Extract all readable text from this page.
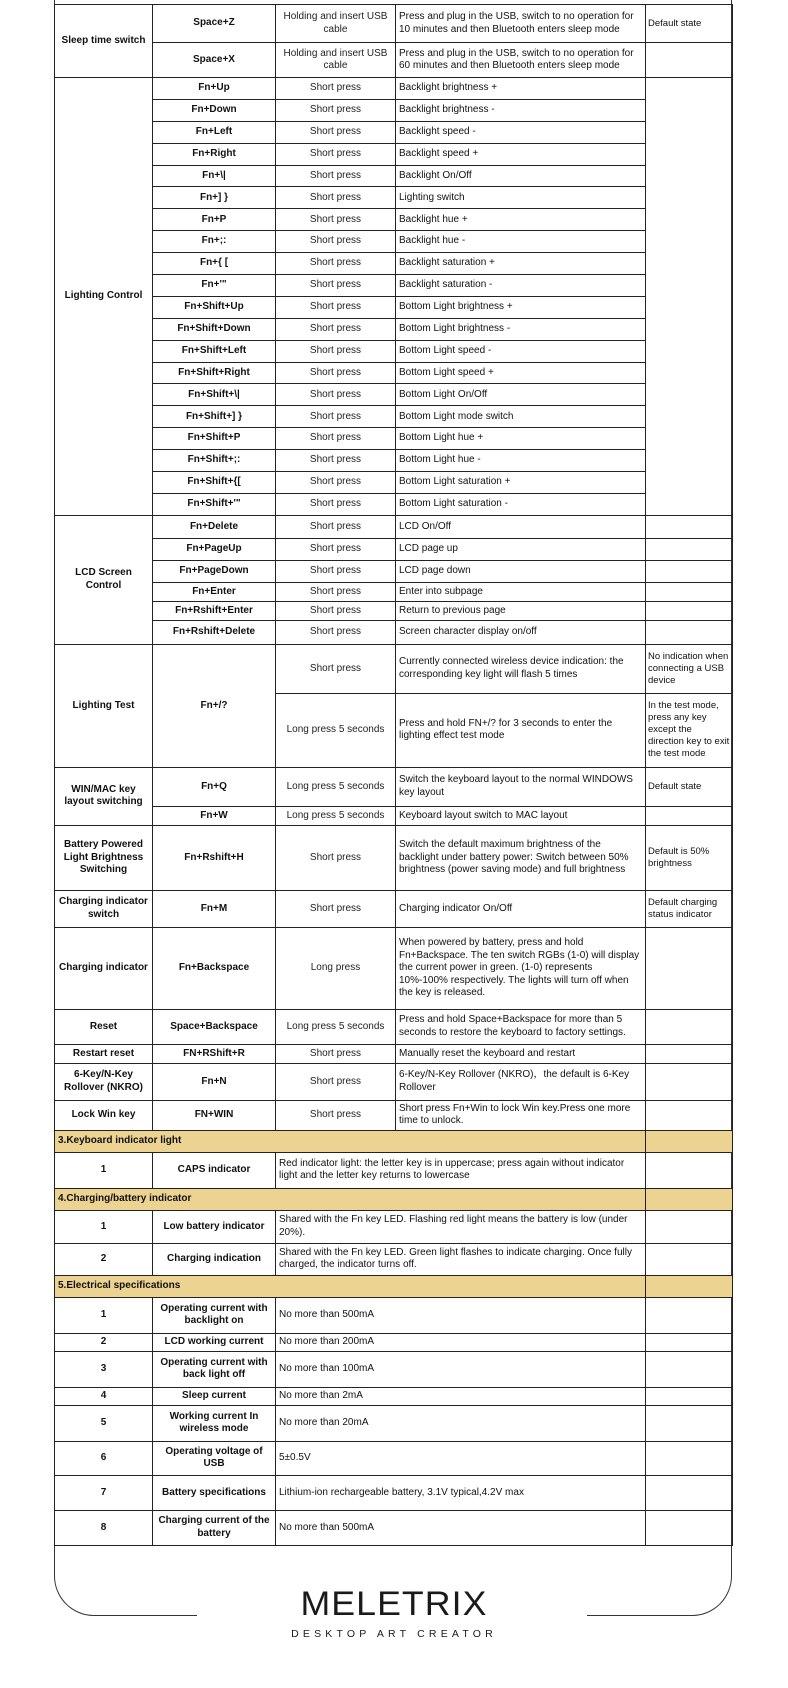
Sleep time switch	Space+Z	Holding and insert USB cable	Press and plug in the USB, switch to no operation for 10 minutes and then Bluetooth enters sleep mode	Default state
	Space+X	Holding and insert USB cable	Press and plug in the USB, switch to no operation for 60 minutes and then Bluetooth enters sleep mode	
Lighting Control	Fn+Up	Short press	Backlight brightness +	
	Fn+Down	Short press	Backlight brightness -	
	Fn+Left	Short press	Backlight speed -	
	Fn+Right	Short press	Backlight speed +	
	Fn+\|	Short press	Backlight On/Off	
	Fn+] }	Short press	Lighting switch	
	Fn+P	Short press	Backlight hue +	
	Fn+;:	Short press	Backlight hue -	
	Fn+{ [	Short press	Backlight saturation +	
	Fn+'"	Short press	Backlight saturation -	
	Fn+Shift+Up	Short press	Bottom Light brightness +	
	Fn+Shift+Down	Short press	Bottom Light brightness -	
	Fn+Shift+Left	Short press	Bottom Light speed -	
	Fn+Shift+Right	Short press	Bottom Light speed +	
	Fn+Shift+\|	Short press	Bottom Light On/Off	
	Fn+Shift+] }	Short press	Bottom Light mode switch	
	Fn+Shift+P	Short press	Bottom Light hue +	
	Fn+Shift+;:	Short press	Bottom Light hue -	
	Fn+Shift+{[	Short press	Bottom Light saturation +	
	Fn+Shift+'"	Short press	Bottom Light saturation -	
LCD Screen Control	Fn+Delete	Short press	LCD On/Off	
	Fn+PageUp	Short press	LCD page up	
	Fn+PageDown	Short press	LCD page down	
	Fn+Enter	Short press	Enter into subpage	
	Fn+Rshift+Enter	Short press	Return to previous page	
	Fn+Rshift+Delete	Short press	Screen character display on/off	
Lighting Test	Fn+/?	Short press	Currently connected wireless device indication: the corresponding key light will flash 5 times	No indication when connecting a USB device
		Long press 5 seconds	Press and hold FN+/? for 3 seconds to enter the lighting effect test mode	In the test mode, press any key except the direction key to exit the test mode
WIN/MAC key layout switching	Fn+Q	Long press 5 seconds	Switch the keyboard layout to the normal WINDOWS key layout	Default state
	Fn+W	Long press 5 seconds	Keyboard layout switch to MAC layout	
Battery Powered Light Brightness Switching	Fn+Rshift+H	Short press	Switch the default maximum brightness of the backlight under battery power: Switch between 50% brightness (power saving mode) and full brightness	Default is 50% brightness
Charging indicator switch	Fn+M	Short press	Charging indicator On/Off	Default charging status indicator
Charging indicator	Fn+Backspace	Long press	When powered by battery, press and hold Fn+Backspace. The ten switch RGBs (1-0) will display the current power in green. (1-0) represents 10%-100% respectively. The lights will turn off when the key is released.	
Reset	Space+Backspace	Long press 5 seconds	Press and hold Space+Backspace for more than 5 seconds to restore the keyboard to factory settings.	
Restart reset	FN+RShift+R	Short press	Manually reset the keyboard and restart	
6-Key/N-Key Rollover (NKRO)	Fn+N	Short press	6-Key/N-Key Rollover (NKRO)，the default is 6-Key Rollover	
Lock Win key	FN+WIN	Short press	Short press Fn+Win to lock Win key.Press one more time to unlock.	
3.Keyboard indicator light				
1	CAPS indicator	Red indicator light: the letter key is in uppercase; press again without indicator light and the letter key returns to lowercase		
4.Charging/battery indicator				
1	Low battery indicator	Shared with the Fn key LED. Flashing red light means the battery is low (under 20%).		
2	Charging indication	Shared with the Fn key LED. Green light flashes to indicate charging. Once fully charged, the indicator turns off.		
5.Electrical specifications				
1	Operating current with backlight on	No more than 500mA		
2	LCD working current	No more than 200mA		
3	Operating current with back light off	No more than 100mA		
4	Sleep current	No more than 2mA		
5	Working current In wireless mode	No more than 20mA		
6	Operating voltage of USB	5±0.5V		
7	Battery specifications	Lithium-ion rechargeable battery, 3.1V typical,4.2V max		
8	Charging current of the battery	No more than 500mA		
MELETRIX
DESKTOP ART CREATOR
